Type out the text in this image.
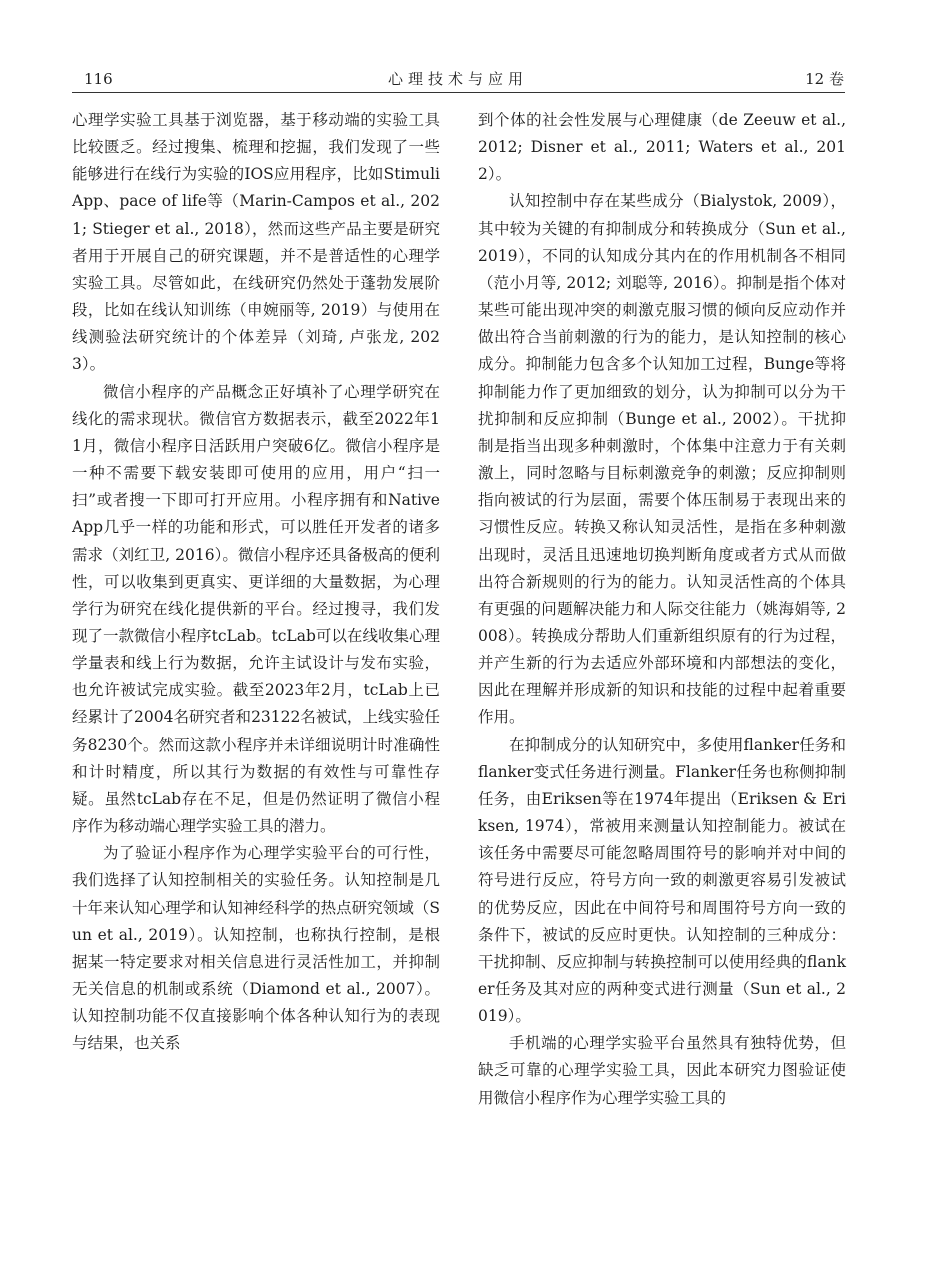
116	心理技术与应用	12 卷

心理学实验工具基于浏览器，基于移动端的实验工具比较匮乏。经过搜集、梳理和挖掘，我们发现了一些能够进行在线行为实验的IOS应用程序，比如StimuliApp、pace of life等（Marin-Campos et al., 2021; Stieger et al., 2018），然而这些产品主要是研究者用于开展自己的研究课题，并不是普适性的心理学实验工具。尽管如此，在线研究仍然处于蓬勃发展阶段，比如在线认知训练（申婉丽等, 2019）与使用在线测验法研究统计的个体差异（刘琦, 卢张龙, 2023）。

微信小程序的产品概念正好填补了心理学研究在线化的需求现状。微信官方数据表示，截至2022年11月，微信小程序日活跃用户突破6亿。微信小程序是一种不需要下载安装即可使用的应用，用户“扫一扫”或者搜一下即可打开应用。小程序拥有和Native App几乎一样的功能和形式，可以胜任开发者的诸多需求（刘红卫, 2016）。微信小程序还具备极高的便利性，可以收集到更真实、更详细的大量数据，为心理学行为研究在线化提供新的平台。经过搜寻，我们发现了一款微信小程序tcLab。tcLab可以在线收集心理学量表和线上行为数据，允许主试设计与发布实验，也允许被试完成实验。截至2023年2月，tcLab上已经累计了2004名研究者和23122名被试，上线实验任务8230个。然而这款小程序并未详细说明计时准确性和计时精度，所以其行为数据的有效性与可靠性存疑。虽然tcLab存在不足，但是仍然证明了微信小程序作为移动端心理学实验工具的潜力。

为了验证小程序作为心理学实验平台的可行性，我们选择了认知控制相关的实验任务。认知控制是几十年来认知心理学和认知神经科学的热点研究领域（Sun et al., 2019）。认知控制，也称执行控制，是根据某一特定要求对相关信息进行灵活性加工，并抑制无关信息的机制或系统（Diamond et al., 2007）。认知控制功能不仅直接影响个体各种认知行为的表现与结果，也关系

到个体的社会性发展与心理健康（de Zeeuw et al., 2012; Disner et al., 2011; Waters et al., 2012）。

认知控制中存在某些成分（Bialystok, 2009），其中较为关键的有抑制成分和转换成分（Sun et al., 2019），不同的认知成分其内在的作用机制各不相同（范小月等, 2012; 刘聪等, 2016）。抑制是指个体对某些可能出现冲突的刺激克服习惯的倾向反应动作并做出符合当前刺激的行为的能力，是认知控制的核心成分。抑制能力包含多个认知加工过程，Bunge等将抑制能力作了更加细致的划分，认为抑制可以分为干扰抑制和反应抑制（Bunge et al., 2002）。干扰抑制是指当出现多种刺激时，个体集中注意力于有关刺激上，同时忽略与目标刺激竞争的刺激；反应抑制则指向被试的行为层面，需要个体压制易于表现出来的习惯性反应。转换又称认知灵活性，是指在多种刺激出现时，灵活且迅速地切换判断角度或者方式从而做出符合新规则的行为的能力。认知灵活性高的个体具有更强的问题解决能力和人际交往能力（姚海娟等, 2008）。转换成分帮助人们重新组织原有的行为过程，并产生新的行为去适应外部环境和内部想法的变化，因此在理解并形成新的知识和技能的过程中起着重要作用。

在抑制成分的认知研究中，多使用flanker任务和flanker变式任务进行测量。Flanker任务也称侧抑制任务，由Eriksen等在1974年提出（Eriksen & Eriksen, 1974），常被用来测量认知控制能力。被试在该任务中需要尽可能忽略周围符号的影响并对中间的符号进行反应，符号方向一致的刺激更容易引发被试的优势反应，因此在中间符号和周围符号方向一致的条件下，被试的反应时更快。认知控制的三种成分：干扰抑制、反应抑制与转换控制可以使用经典的flanker任务及其对应的两种变式进行测量（Sun et al., 2019）。

手机端的心理学实验平台虽然具有独特优势，但缺乏可靠的心理学实验工具，因此本研究力图验证使用微信小程序作为心理学实验工具的
